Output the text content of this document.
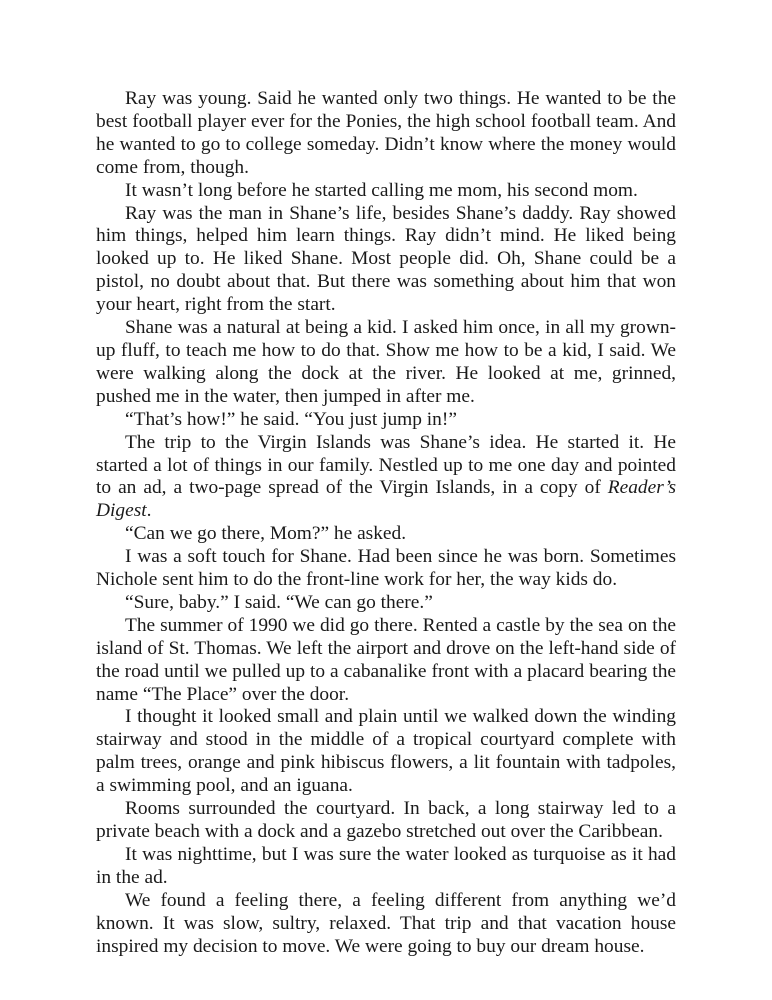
Ray was young. Said he wanted only two things. He wanted to be the best football player ever for the Ponies, the high school football team. And he wanted to go to college someday. Didn’t know where the money would come from, though.

It wasn’t long before he started calling me mom, his second mom.

Ray was the man in Shane’s life, besides Shane’s daddy. Ray showed him things, helped him learn things. Ray didn’t mind. He liked being looked up to. He liked Shane. Most people did. Oh, Shane could be a pistol, no doubt about that. But there was something about him that won your heart, right from the start.

Shane was a natural at being a kid. I asked him once, in all my grown-up fluff, to teach me how to do that. Show me how to be a kid, I said. We were walking along the dock at the river. He looked at me, grinned, pushed me in the water, then jumped in after me.

“That’s how!” he said. “You just jump in!”

The trip to the Virgin Islands was Shane’s idea. He started it. He started a lot of things in our family. Nestled up to me one day and pointed to an ad, a two-page spread of the Virgin Islands, in a copy of Reader’s Digest.

“Can we go there, Mom?” he asked.

I was a soft touch for Shane. Had been since he was born. Sometimes Nichole sent him to do the front-line work for her, the way kids do.

“Sure, baby.” I said. “We can go there.”

The summer of 1990 we did go there. Rented a castle by the sea on the island of St. Thomas. We left the airport and drove on the left-hand side of the road until we pulled up to a cabanalike front with a placard bearing the name “The Place” over the door.

I thought it looked small and plain until we walked down the winding stairway and stood in the middle of a tropical courtyard complete with palm trees, orange and pink hibiscus flowers, a lit fountain with tadpoles, a swimming pool, and an iguana.

Rooms surrounded the courtyard. In back, a long stairway led to a private beach with a dock and a gazebo stretched out over the Caribbean.

It was nighttime, but I was sure the water looked as turquoise as it had in the ad.

We found a feeling there, a feeling different from anything we’d known. It was slow, sultry, relaxed. That trip and that vacation house inspired my decision to move. We were going to buy our dream house.
